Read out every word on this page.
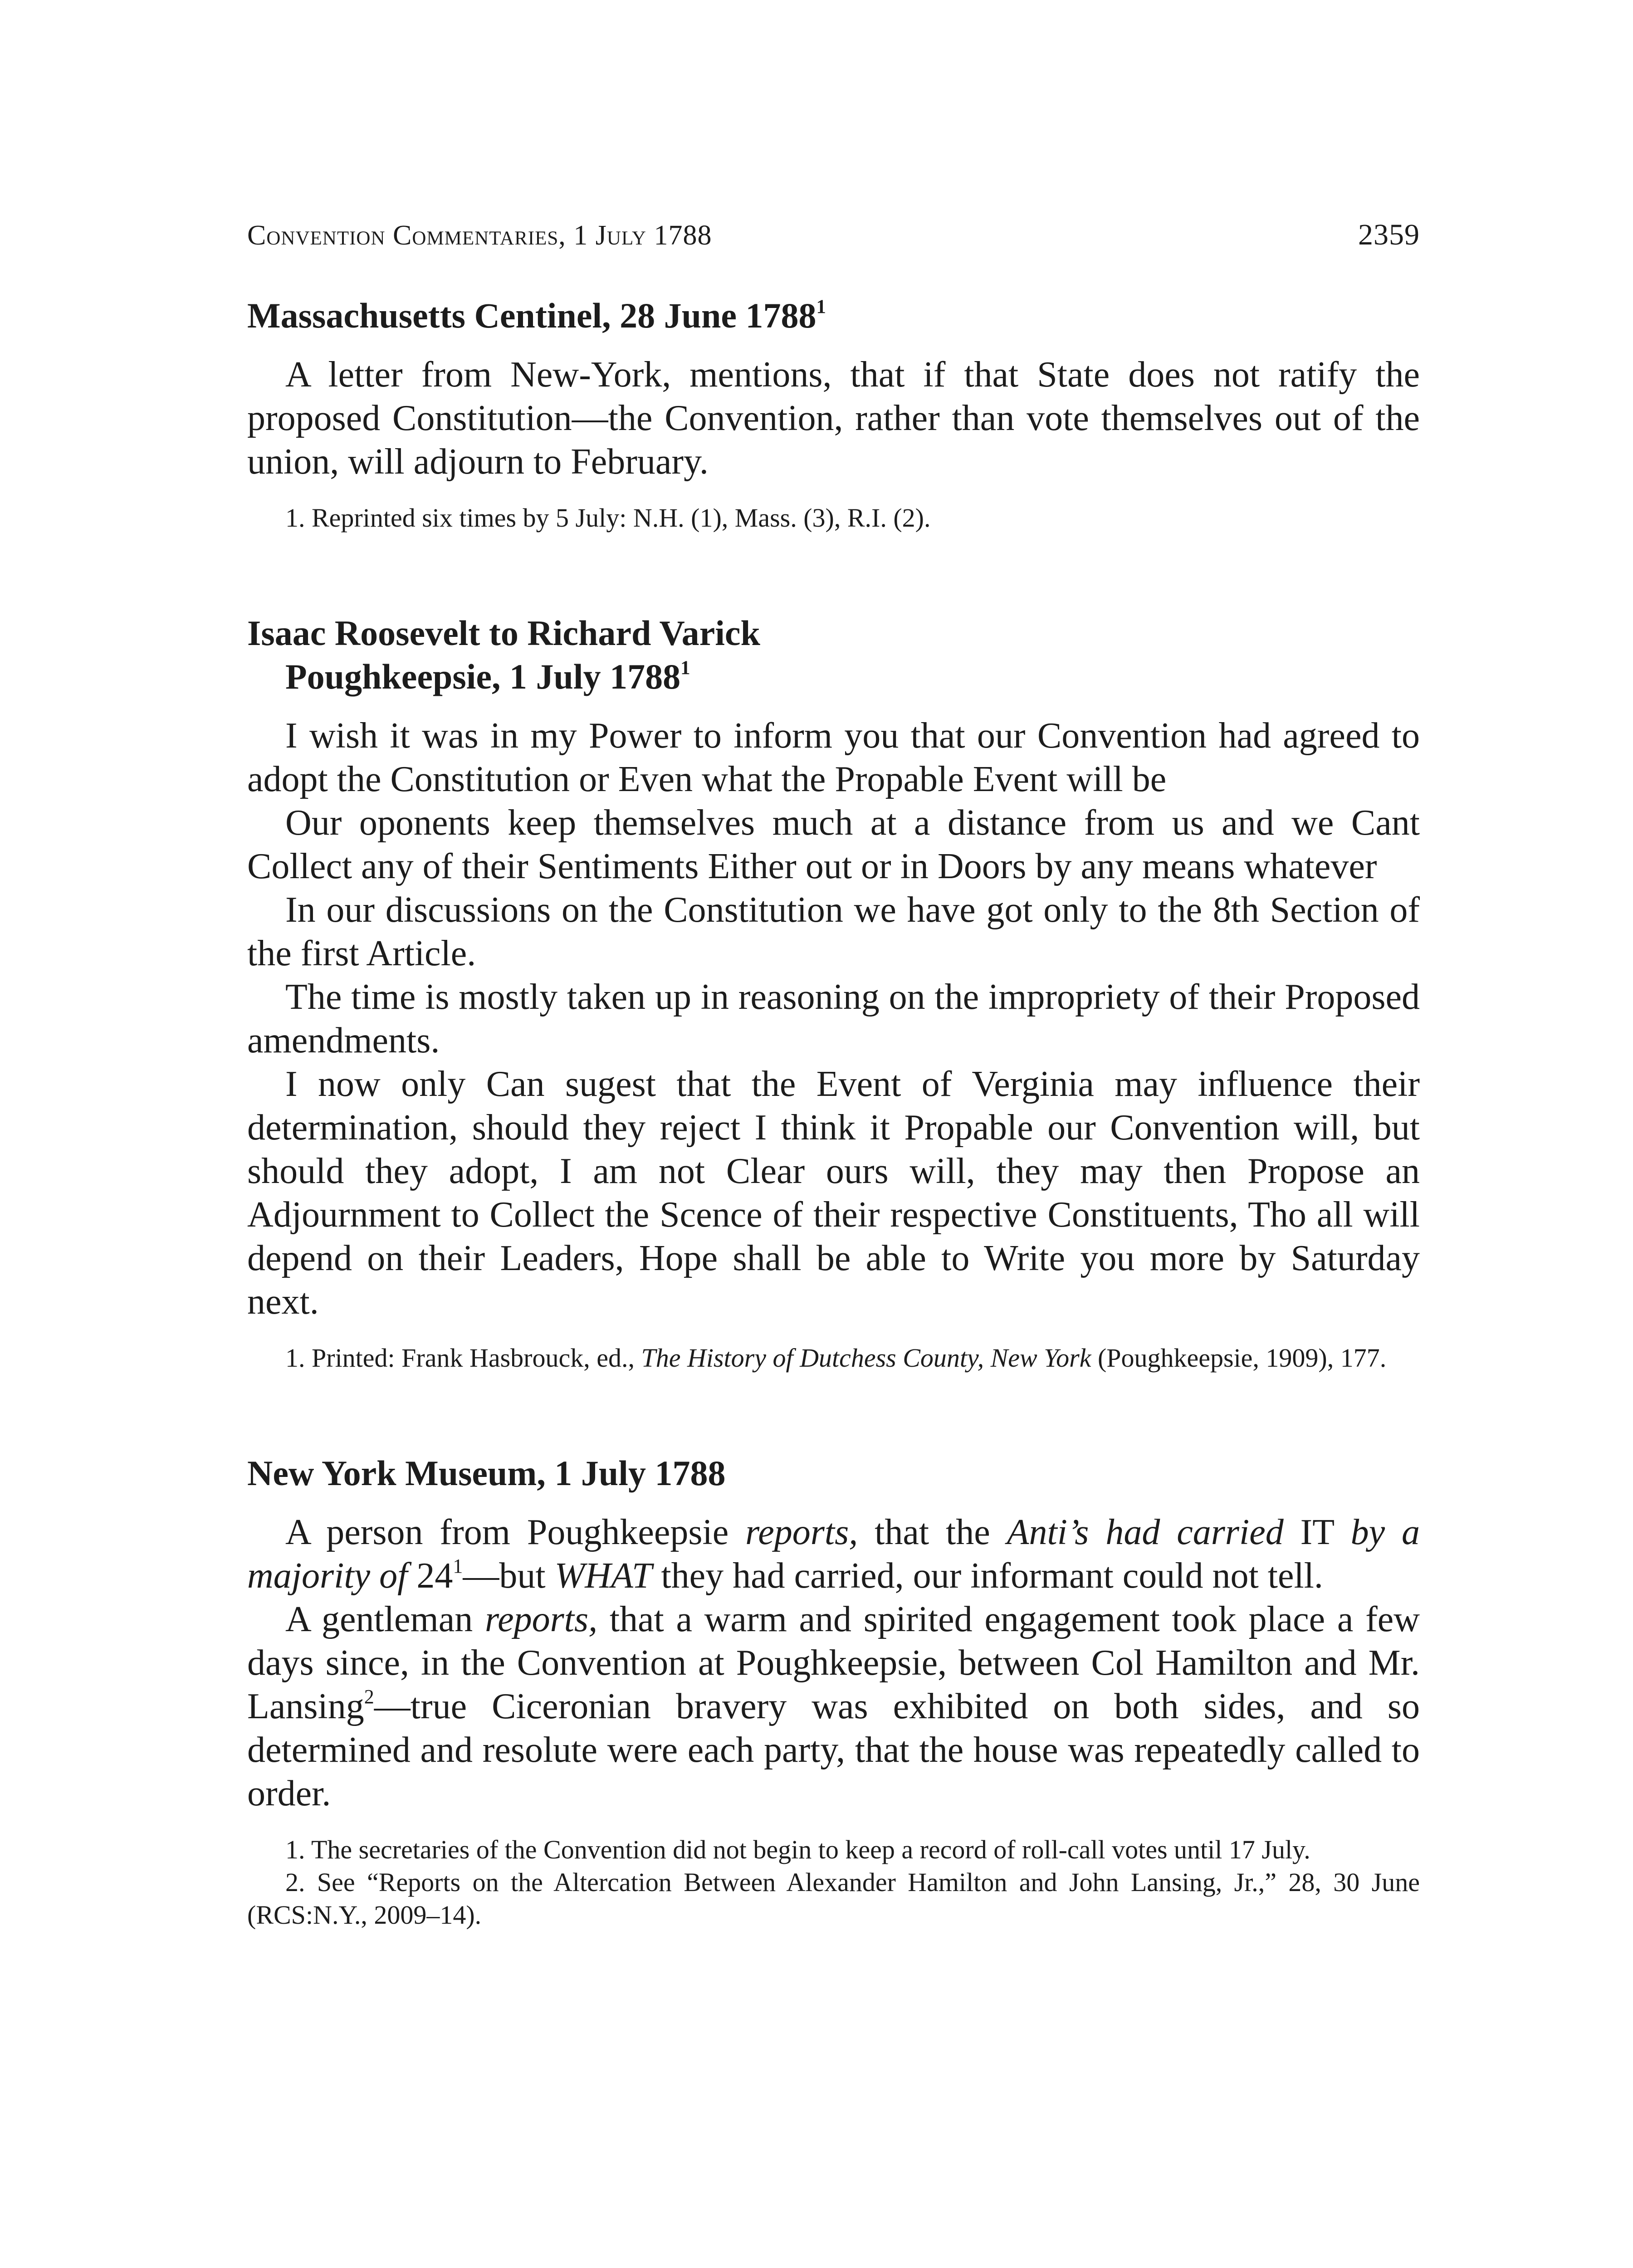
Convention Commentaries, 1 July 1788	2359
Massachusetts Centinel, 28 June 1788$^1$

A letter from New-York, mentions, that if that State does not ratify the proposed Constitution—the Convention, rather than vote themselves out of the union, will adjourn to February.

1. Reprinted six times by 5 July: N.H. (1), Mass. (3), R.I. (2).

Isaac Roosevelt to Richard Varick
Poughkeepsie, 1 July 1788$^1$

I wish it was in my Power to inform you that our Convention had agreed to adopt the Constitution or Even what the Propable Event will be

Our oponents keep themselves much at a distance from us and we Cant Collect any of their Sentiments Either out or in Doors by any means whatever

In our discussions on the Constitution we have got only to the 8th Section of the first Article.

The time is mostly taken up in reasoning on the impropriety of their Proposed amendments.

I now only Can sugest that the Event of Verginia may influence their determination, should they reject I think it Propable our Convention will, but should they adopt, I am not Clear ours will, they may then Propose an Adjournment to Collect the Scence of their respective Constituents, Tho all will depend on their Leaders, Hope shall be able to Write you more by Saturday next.

1. Printed: Frank Hasbrouck, ed., The History of Dutchess County, New York (Poughkeepsie, 1909), 177.

New York Museum, 1 July 1788

A person from Poughkeepsie reports, that the Anti’s had carried IT by a majority of $24^1—but$ WHAT they had carried, our informant could not tell.

A gentleman reports, that a warm and spirited engagement took place a few days since, in the Convention at Poughkeepsie, between Col Hamilton and Mr. Lansing$^2$—true Ciceronian bravery was exhibited on both sides, and so determined and resolute were each party, that the house was repeatedly called to order.

1. The secretaries of the Convention did not begin to keep a record of roll-call votes until 17 July.

2. See “Reports on the Altercation Between Alexander Hamilton and John Lansing, Jr.,” 28, 30 June (RCS:N.Y., 2009–14).
